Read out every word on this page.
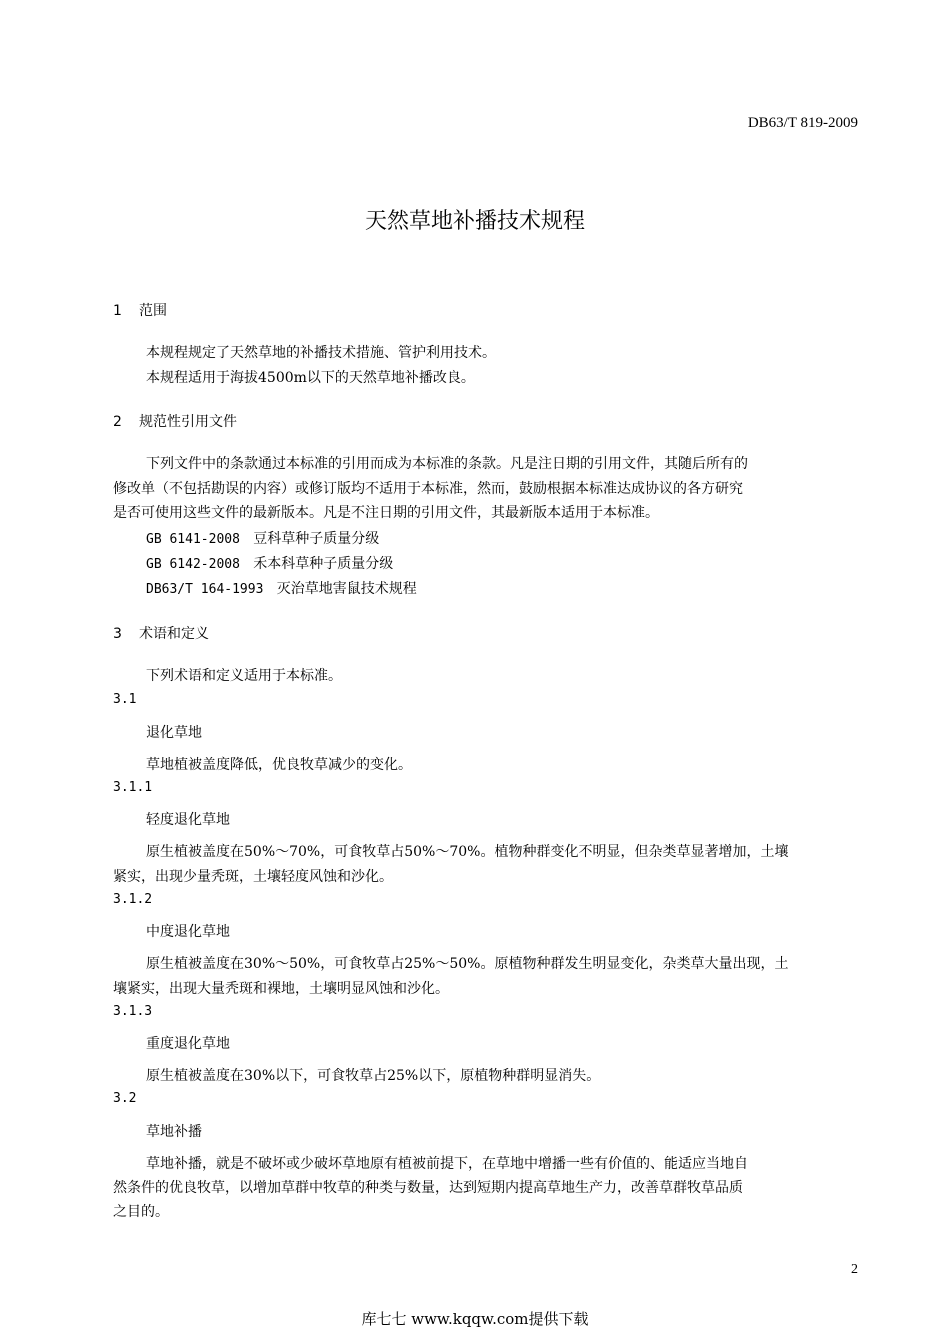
DB63/T 819-2009
天然草地补播技术规程
1 范围
本规程规定了天然草地的补播技术措施、管护利用技术。
本规程适用于海拔4500m以下的天然草地补播改良。
2 规范性引用文件
下列文件中的条款通过本标准的引用而成为本标准的条款。凡是注日期的引用文件，其随后所有的
修改单（不包括勘误的内容）或修订版均不适用于本标准，然而，鼓励根据本标准达成协议的各方研究
是否可使用这些文件的最新版本。凡是不注日期的引用文件，其最新版本适用于本标准。
GB 6141-2008 豆科草种子质量分级
GB 6142-2008 禾本科草种子质量分级
DB63/T 164-1993 灭治草地害鼠技术规程
3 术语和定义
下列术语和定义适用于本标准。
3.1
退化草地
草地植被盖度降低，优良牧草减少的变化。
3.1.1
轻度退化草地
原生植被盖度在50%～70%，可食牧草占50%～70%。植物种群变化不明显，但杂类草显著增加，土壤
紧实，出现少量秃斑，土壤轻度风蚀和沙化。
3.1.2
中度退化草地
原生植被盖度在30%～50%，可食牧草占25%～50%。原植物种群发生明显变化，杂类草大量出现，土
壤紧实，出现大量秃斑和裸地，土壤明显风蚀和沙化。
3.1.3
重度退化草地
原生植被盖度在30%以下，可食牧草占25%以下，原植物种群明显消失。
3.2
草地补播
草地补播，就是不破坏或少破坏草地原有植被前提下，在草地中增播一些有价值的、能适应当地自
然条件的优良牧草，以增加草群中牧草的种类与数量，达到短期内提高草地生产力，改善草群牧草品质
之目的。
2
库七七 www.kqqw.com提供下载
